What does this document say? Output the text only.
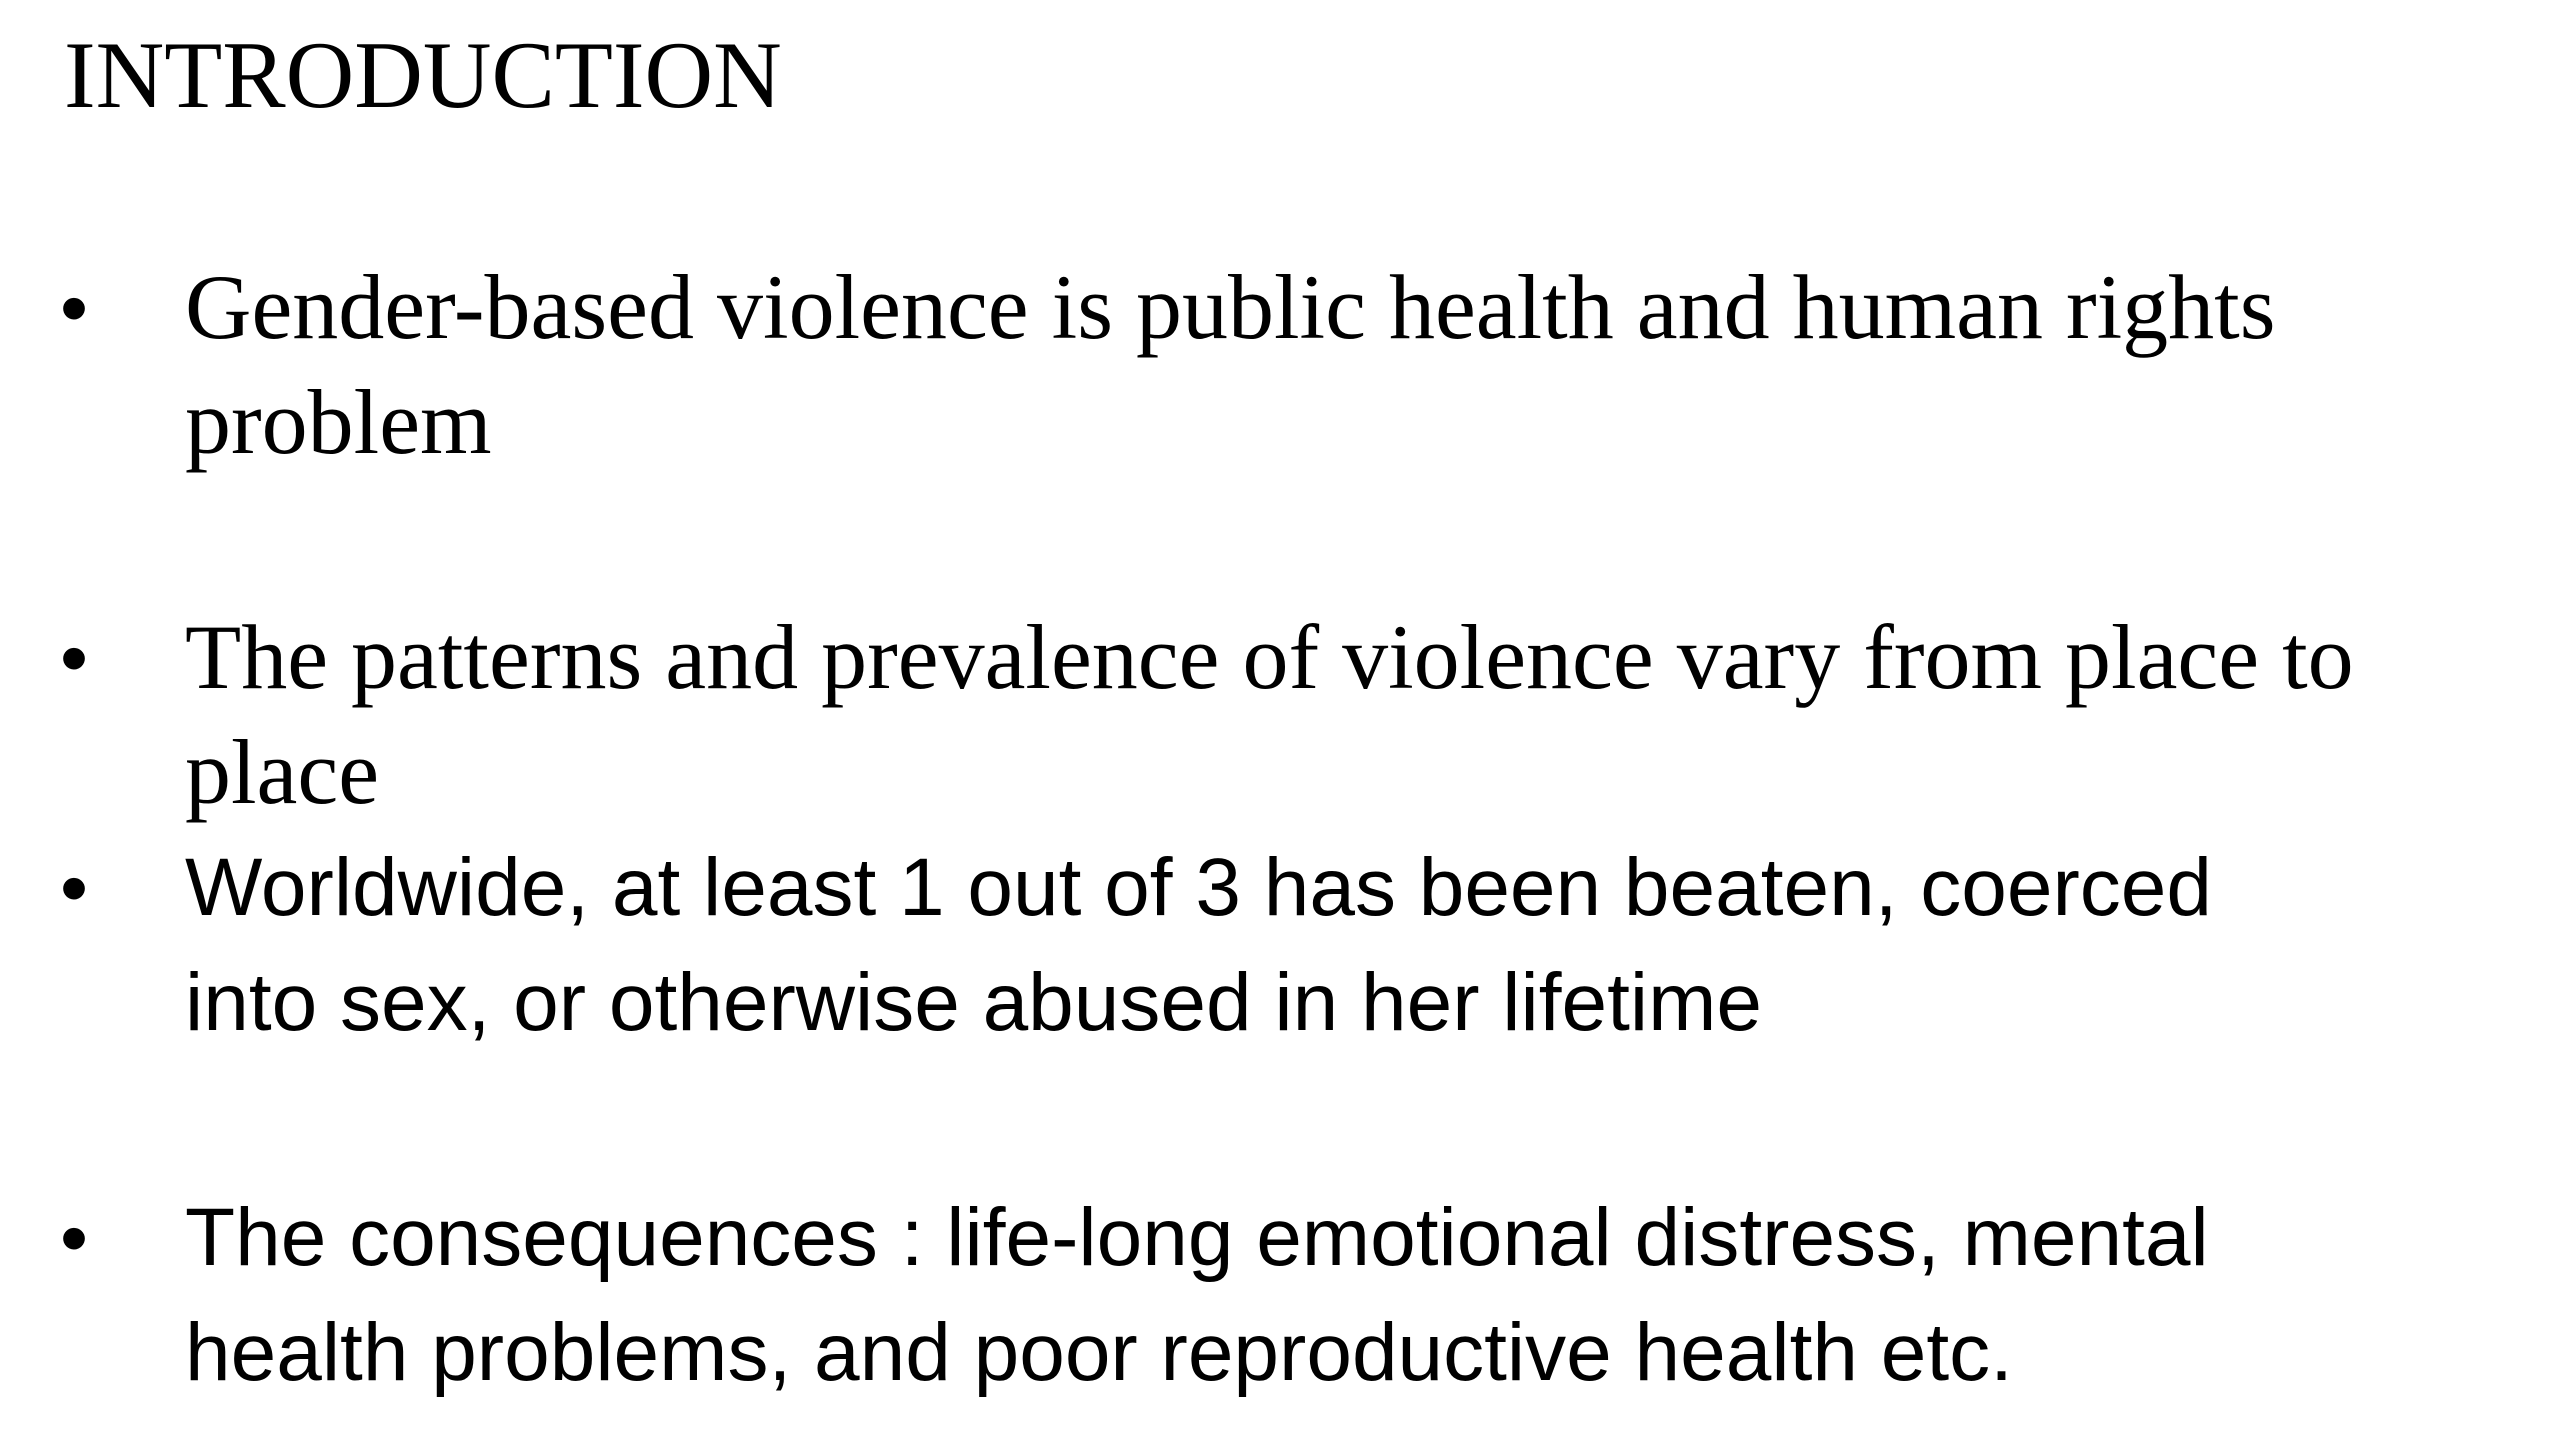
INTRODUCTION
• Gender-based violence is public health and human rights
problem
• The patterns and prevalence of violence vary from place to
place
• Worldwide, at least 1 out of 3 has been beaten, coerced
into sex, or otherwise abused in her lifetime
• The consequences : life-long emotional distress, mental
health problems, and poor reproductive health etc.
